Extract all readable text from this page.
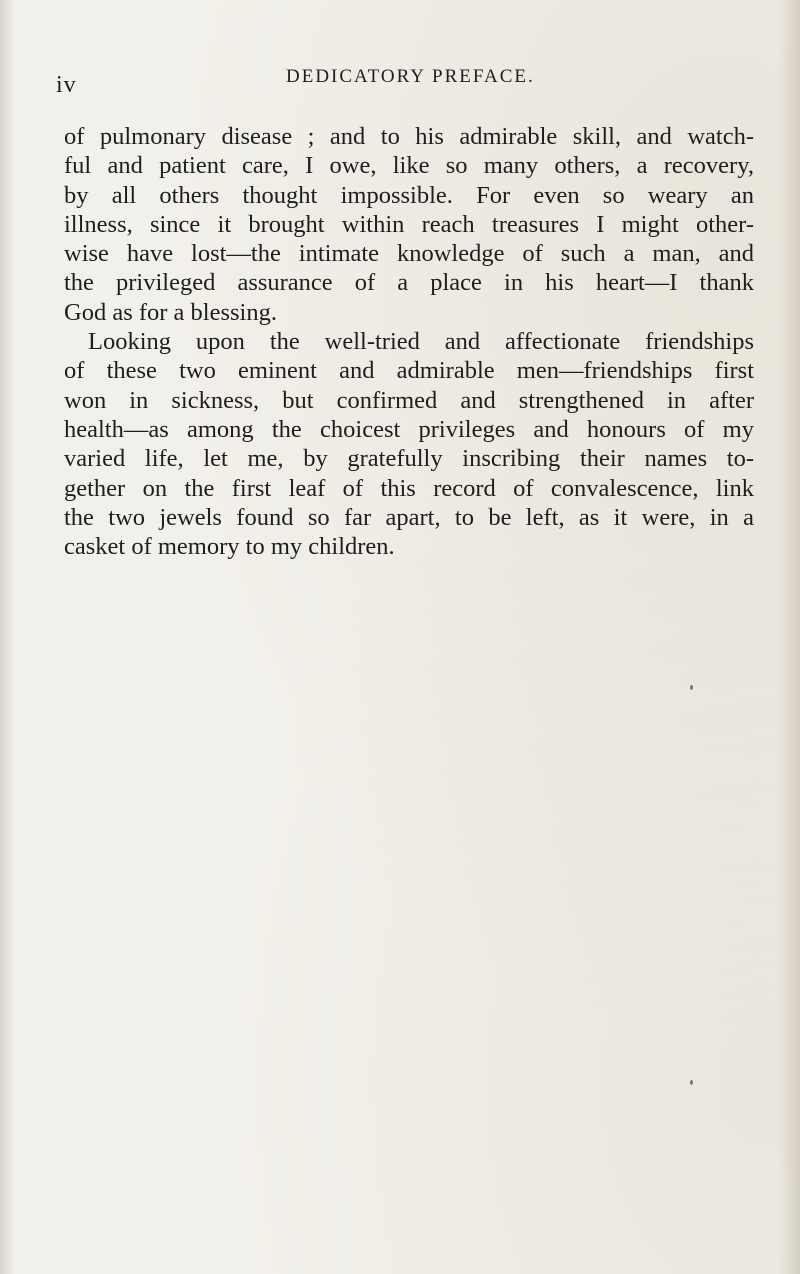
iv	DEDICATORY PREFACE.
of pulmonary disease ; and to his admirable skill, and watch-
ful and patient care, I owe, like so many others, a recovery,
by all others thought impossible. For even so weary an
illness, since it brought within reach treasures I might other-
wise have lost—the intimate knowledge of such a man, and
the privileged assurance of a place in his heart—I thank
God as for a blessing.
Looking upon the well-tried and affectionate friendships
of these two eminent and admirable men—friendships first
won in sickness, but confirmed and strengthened in after
health—as among the choicest privileges and honours of my
varied life, let me, by gratefully inscribing their names to-
gether on the first leaf of this record of convalescence, link
the two jewels found so far apart, to be left, as it were, in a
casket of memory to my children.
